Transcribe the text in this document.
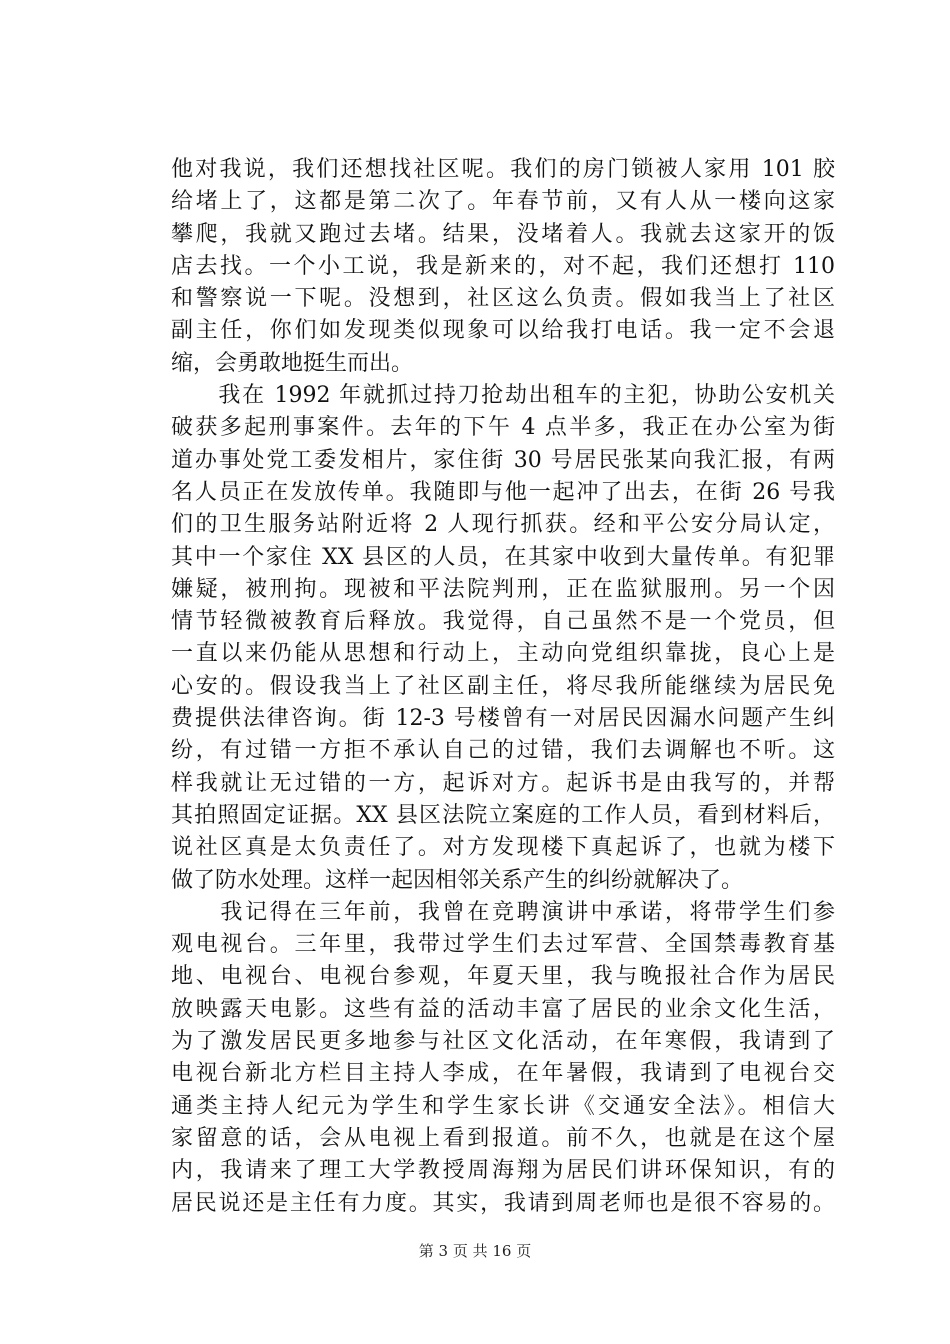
他对我说，我们还想找社区呢。我们的房门锁被人家用 101 胶
给堵上了，这都是第二次了。年春节前，又有人从一楼向这家
攀爬，我就又跑过去堵。结果，没堵着人。我就去这家开的饭
店去找。一个小工说，我是新来的，对不起，我们还想打 110
和警察说一下呢。没想到，社区这么负责。假如我当上了社区
副主任，你们如发现类似现象可以给我打电话。我一定不会退
缩，会勇敢地挺生而出。
　　我在 1992 年就抓过持刀抢劫出租车的主犯，协助公安机关
破获多起刑事案件。去年的下午 4 点半多，我正在办公室为街
道办事处党工委发相片，家住街 30 号居民张某向我汇报，有两
名人员正在发放传单。我随即与他一起冲了出去，在街 26 号我
们的卫生服务站附近将 2 人现行抓获。经和平公安分局认定，
其中一个家住 XX 县区的人员，在其家中收到大量传单。有犯罪
嫌疑，被刑拘。现被和平法院判刑，正在监狱服刑。另一个因
情节轻微被教育后释放。我觉得，自己虽然不是一个党员，但
一直以来仍能从思想和行动上，主动向党组织靠拢，良心上是
心安的。假设我当上了社区副主任，将尽我所能继续为居民免
费提供法律咨询。街 12-3 号楼曾有一对居民因漏水问题产生纠
纷，有过错一方拒不承认自己的过错，我们去调解也不听。这
样我就让无过错的一方，起诉对方。起诉书是由我写的，并帮
其拍照固定证据。XX 县区法院立案庭的工作人员，看到材料后，
说社区真是太负责任了。对方发现楼下真起诉了，也就为楼下
做了防水处理。这样一起因相邻关系产生的纠纷就解决了。
　　我记得在三年前，我曾在竞聘演讲中承诺，将带学生们参
观电视台。三年里，我带过学生们去过军营、全国禁毒教育基
地、电视台、电视台参观，年夏天里，我与晚报社合作为居民
放映露天电影。这些有益的活动丰富了居民的业余文化生活，
为了激发居民更多地参与社区文化活动，在年寒假，我请到了
电视台新北方栏目主持人李成，在年暑假，我请到了电视台交
通类主持人纪元为学生和学生家长讲《交通安全法》。相信大
家留意的话，会从电视上看到报道。前不久，也就是在这个屋
内，我请来了理工大学教授周海翔为居民们讲环保知识，有的
居民说还是主任有力度。其实，我请到周老师也是很不容易的。
第 3 页 共 16 页
